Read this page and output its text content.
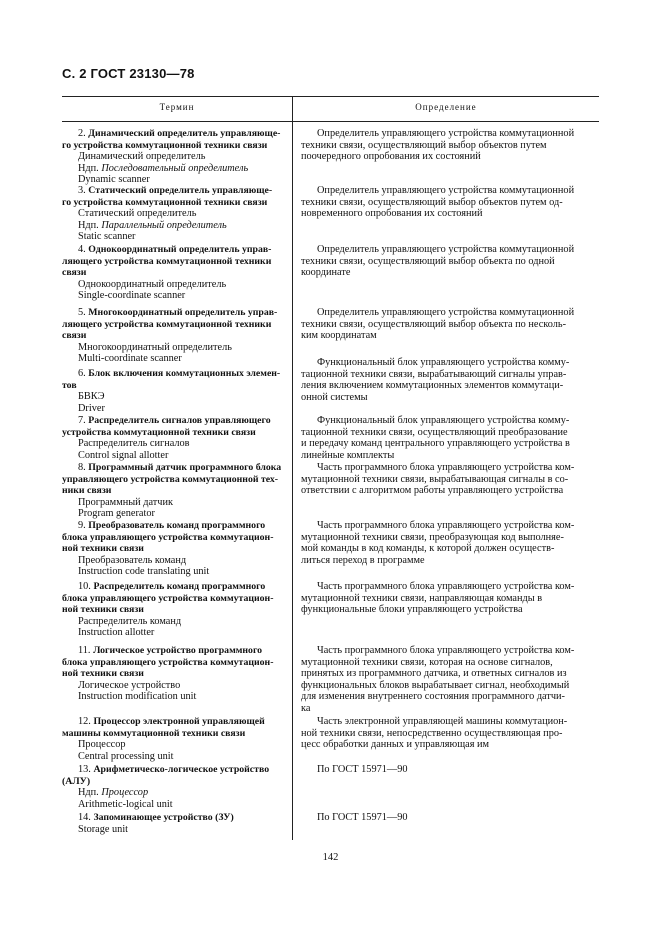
С. 2 ГОСТ 23130—78
Термин	Определение
2. Динамический определитель управляюще-
го устройства коммутационной техники связи
Динамический определитель
Ндп. Последовательный определитель
Dynamic scanner
Определитель управляющего устройства коммутационной
техники связи, осуществляющий выбор объектов путем
поочередного опробования их состояний
3. Статический определитель управляюще-
го устройства коммутационной техники связи
Статический определитель
Ндп. Параллельный определитель
Static scanner
Определитель управляющего устройства коммутационной
техники связи, осуществляющий выбор объектов путем од-
новременного опробования их состояний
4. Однокоординатный определитель управ-
ляющего устройства коммутационной техники
связи
Однокоординатный определитель
Single-coordinate scanner
Определитель управляющего устройства коммутационной
техники связи, осуществляющий выбор объекта по одной
координате
5. Многокоординатный определитель управ-
ляющего устройства коммутационной техники
связи
Многокоординатный определитель
Multi-coordinate scanner
Определитель управляющего устройства коммутационной
техники связи, осуществляющий выбор объекта по несколь-
ким координатам
6. Блок включения коммутационных элемен-
тов
БВКЭ
Driver
Функциональный блок управляющего устройства комму-
тационной техники связи, вырабатывающий сигналы управ-
ления включением коммутационных элементов коммутаци-
онной системы
7. Распределитель сигналов управляющего
устройства коммутационной техники связи
Распределитель сигналов
Control signal allotter
Функциональный блок управляющего устройства комму-
тационной техники связи, осуществляющий преобразование
и передачу команд центрального управляющего устройства в
линейные комплекты
8. Программный датчик программного блока
управляющего устройства коммутационной тех-
ники связи
Программный датчик
Program generator
Часть программного блока управляющего устройства ком-
мутационной техники связи, вырабатывающая сигналы в со-
ответствии с алгоритмом работы управляющего устройства
9. Преобразователь команд программного
блока управляющего устройства коммутацион-
ной техники связи
Преобразователь команд
Instruction code translating unit
Часть программного блока управляющего устройства ком-
мутационной техники связи, преобразующая код выполняе-
мой команды в код команды, к которой должен осуществ-
литься переход в программе
10. Распределитель команд программного
блока управляющего устройства коммутацион-
ной техники связи
Распределитель команд
Instruction allotter
Часть программного блока управляющего устройства ком-
мутационной техники связи, направляющая команды в
функциональные блоки управляющего устройства
11. Логическое устройство программного
блока управляющего устройства коммутацион-
ной техники связи
Логическое устройство
Instruction modification unit
Часть программного блока управляющего устройства ком-
мутационной техники связи, которая на основе сигналов,
принятых из программного датчика, и ответных сигналов из
функциональных блоков вырабатывает сигнал, необходимый
для изменения внутреннего состояния программного датчи-
ка
12. Процессор электронной управляющей
машины коммутационной техники связи
Процессор
Central processing unit
Часть электронной управляющей машины коммутацион-
ной техники связи, непосредственно осуществляющая про-
цесс обработки данных и управляющая им
13. Арифметическо-логическое устройство
(АЛУ)
Ндп. Процессор
Arithmetic-logical unit
По ГОСТ 15971—90
14. Запоминающее устройство (ЗУ)
Storage unit
По ГОСТ 15971—90
142
